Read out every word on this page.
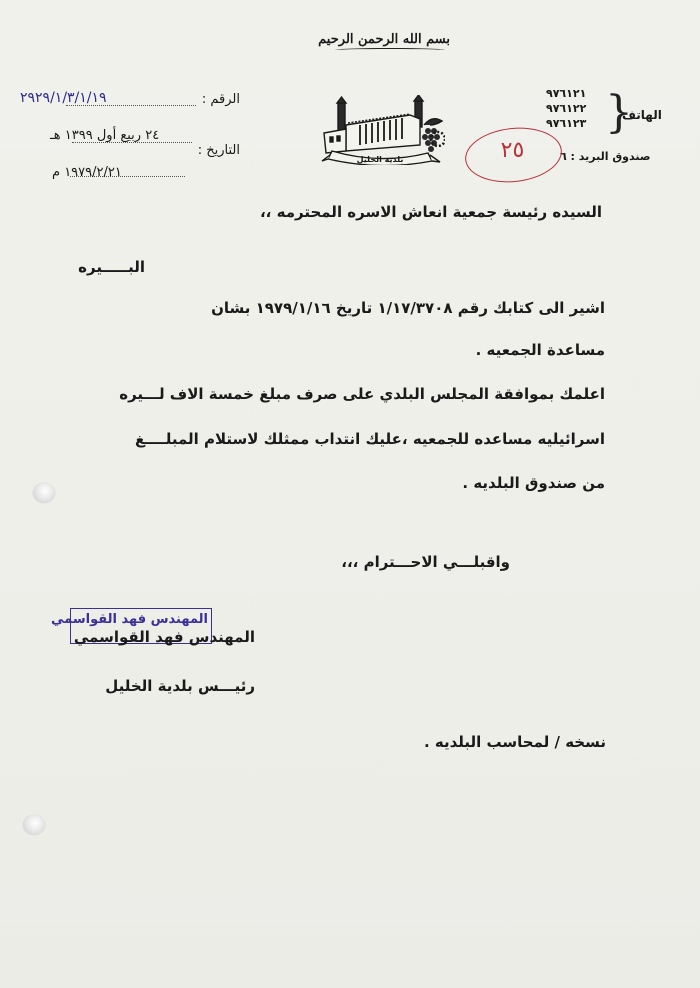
بسم الله الرحمن الرحيم
الرقم :
٢٩٢٩/١/٣/١/١٩
التاريخ :
٢٤ ربيع أول ١٣٩٩ هـ
١٩٧٩/٢/٢١ م
بلدية الخليل
الهاتف
}
٩٧٦١٢١
٩٧٦١٢٢
٩٧٦١٢٣
صندوق البريد : ٦
٢٥
السيده رئيسة جمعية انعاش الاسره المحترمه ،،
البـــــيره
اشير الى كتابك رقم ١/١٧/٣٧٠٨ تاريخ ١٩٧٩/١/١٦ بشان
مساعدة الجمعيه .
اعلمك بموافقة المجلس البلدي على صرف مبلغ خمسة الاف لـــيره
اسرائيليه مساعده للجمعيه ،عليك انتداب ممثلك لاستلام المبلــــغ
من صندوق البلديه .
واقبلـــي الاحـــترام ،،،
المهندس فهد القواسمي
المهندس فهد القواسمي
رئيـــس بلدية الخليل
نسخه / لمحاسب البلديه .
